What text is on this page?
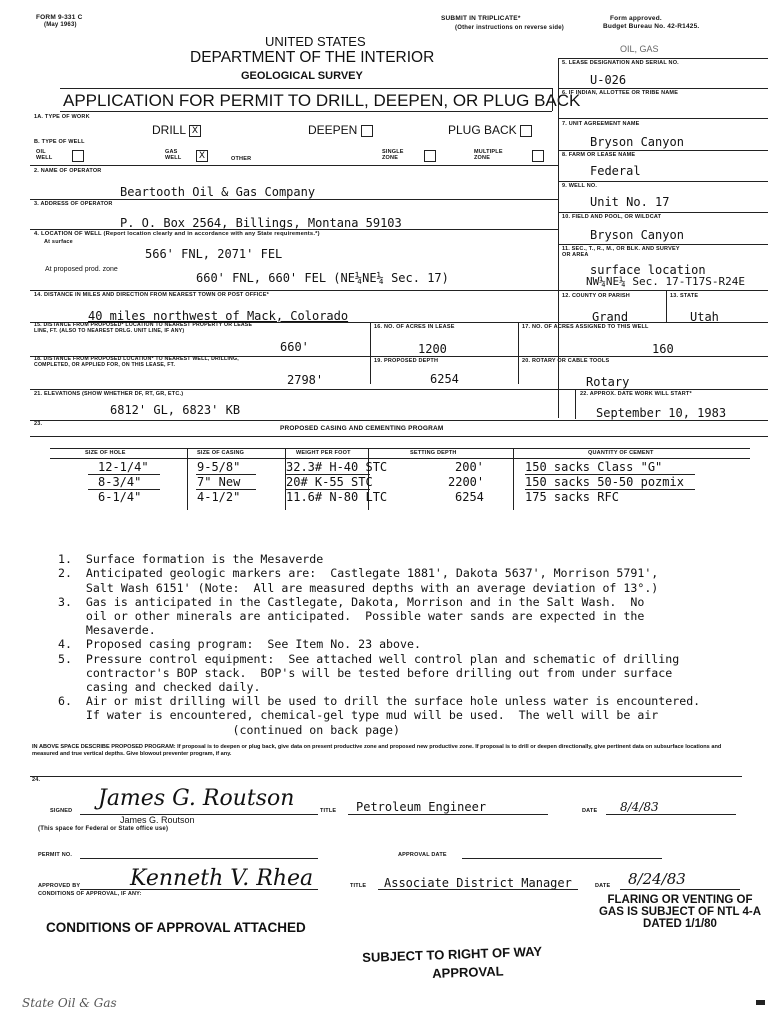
FORM 9-331 C
(May 1963)
SUBMIT IN TRIPLICATE*
(Other instructions on reverse side)
Form approved.
Budget Bureau No. 42-R1425.
UNITED STATES
DEPARTMENT OF THE INTERIOR
GEOLOGICAL SURVEY
OIL, GAS
APPLICATION FOR PERMIT TO DRILL, DEEPEN, OR PLUG BACK
1A. TYPE OF WORK
DRILL X	DEEPEN	PLUG BACK
B. TYPE OF WELL
OIL WELL
GAS WELL	X	OTHER
SINGLE ZONE
MULTIPLE ZONE
2. NAME OF OPERATOR
Beartooth Oil & Gas Company
3. ADDRESS OF OPERATOR
P. O. Box 2564, Billings, Montana 59103
4. LOCATION OF WELL (Report location clearly and in accordance with any State requirements.*)
At surface
566' FNL, 2071' FEL
At proposed prod. zone
660' FNL, 660' FEL (NE¼NE¼ Sec. 17)
14. DISTANCE IN MILES AND DIRECTION FROM NEAREST TOWN OR POST OFFICE*
40 miles northwest of Mack, Colorado
15. DISTANCE FROM PROPOSED* LOCATION TO NEAREST PROPERTY OR LEASE LINE, FT. (ALSO TO NEAREST DRLG. UNIT LINE, IF ANY)
660'
16. NO. OF ACRES IN LEASE
1200
17. NO. OF ACRES ASSIGNED TO THIS WELL
160
18. DISTANCE FROM PROPOSED LOCATION* TO NEAREST WELL, DRILLING, COMPLETED, OR APPLIED FOR, ON THIS LEASE, FT.
2798'
19. PROPOSED DEPTH
6254
20. ROTARY OR CABLE TOOLS
Rotary
21. ELEVATIONS (SHOW WHETHER DF, RT, GR, ETC.)
6812' GL, 6823' KB
22. APPROX. DATE WORK WILL START*
September 10, 1983
5. LEASE DESIGNATION AND SERIAL NO.
U-026
6. IF INDIAN, ALLOTTEE OR TRIBE NAME
7. UNIT AGREEMENT NAME
Bryson Canyon
8. FARM OR LEASE NAME
Federal
9. WELL NO.
Unit No. 17
10. FIELD AND POOL, OR WILDCAT
Bryson Canyon
11. SEC., T., R., M., OR BLK. AND SURVEY OR AREA
surface location
NW¼NE¼ Sec. 17-T17S-R24E
12. COUNTY OR PARISH	13. STATE
Grand	Utah
23.
PROPOSED CASING AND CEMENTING PROGRAM
SIZE OF HOLE	SIZE OF CASING	WEIGHT PER FOOT	SETTING DEPTH	QUANTITY OF CEMENT
12-1/4"	9-5/8"	32.3# H-40 STC	200'	150 sacks Class "G"
8-3/4"	7" New	20# K-55 STC	2200'	150 sacks 50-50 pozmix
6-1/4"	4-1/2"	11.6# N-80 LTC	6254	175 sacks RFC

1.  Surface formation is the Mesaverde
2.  Anticipated geologic markers are:  Castlegate 1881', Dakota 5637', Morrison 5791',
Salt Wash 6151' (Note:  All are measured depths with an average deviation of 13°.)
3.  Gas is anticipated in the Castlegate, Dakota, Morrison and in the Salt Wash.  No
oil or other minerals are anticipated.  Possible water sands are expected in the
Mesaverde.
4.  Proposed casing program:  See Item No. 23 above.
5.  Pressure control equipment:  See attached well control plan and schematic of drilling
contractor's BOP stack.  BOP's will be tested before drilling out from under surface
casing and checked daily.
6.  Air or mist drilling will be used to drill the surface hole unless water is encountered.
If water is encountered, chemical-gel type mud will be used.  The well will be air
(continued on back page)

IN ABOVE SPACE DESCRIBE PROPOSED PROGRAM: If proposal is to deepen or plug back, give data on present productive zone and proposed new productive zone. If proposal is to drill or deepen directionally, give pertinent data on subsurface locations and measured and true vertical depths. Give blowout preventer program, if any.
24.
SIGNED James G. Routson
James G. Routson
TITLE Petroleum Engineer	DATE 8/4/83
(This space for Federal or State office use)
PERMIT NO.	APPROVAL DATE
APPROVED BY Kenneth V. Rhea
CONDITIONS OF APPROVAL, IF ANY:
TITLE Associate District Manager	DATE 8/24/83
FLARING OR VENTING OF
GAS IS SUBJECT OF NTL 4-A
DATED 1/1/80
CONDITIONS OF APPROVAL ATTACHED
SUBJECT TO RIGHT OF WAY
APPROVAL
State Oil & Gas
